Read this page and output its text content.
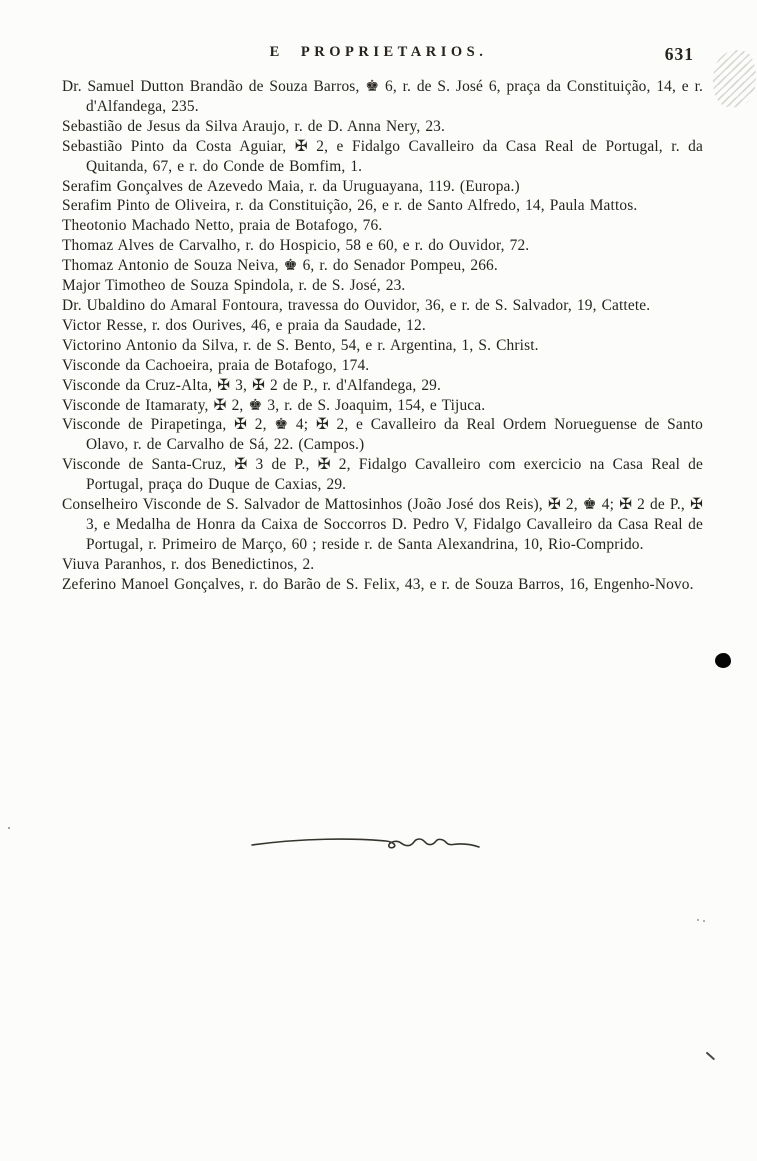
E PROPRIETARIOS.	631

Dr. Samuel Dutton Brandão de Souza Barros, ♚ 6, r. de S. José 6, praça da Constituição, 14, e r. d'Alfandega, 235.

Sebastião de Jesus da Silva Araujo, r. de D. Anna Nery, 23.

Sebastião Pinto da Costa Aguiar, ✠ 2, e Fidalgo Cavalleiro da Casa Real de Portugal, r. da Quitanda, 67, e r. do Conde de Bomfim, 1.

Serafim Gonçalves de Azevedo Maia, r. da Uruguayana, 119. (Europa.)

Serafim Pinto de Oliveira, r. da Constituição, 26, e r. de Santo Alfredo, 14, Paula Mattos.

Theotonio Machado Netto, praia de Botafogo, 76.

Thomaz Alves de Carvalho, r. do Hospicio, 58 e 60, e r. do Ouvidor, 72.

Thomaz Antonio de Souza Neiva, ♚ 6, r. do Senador Pompeu, 266.

Major Timotheo de Souza Spindola, r. de S. José, 23.

Dr. Ubaldino do Amaral Fontoura, travessa do Ouvidor, 36, e r. de S. Salvador, 19, Cattete.

Victor Resse, r. dos Ourives, 46, e praia da Saudade, 12.

Victorino Antonio da Silva, r. de S. Bento, 54, e r. Argentina, 1, S. Christ.

Visconde da Cachoeira, praia de Botafogo, 174.

Visconde da Cruz-Alta, ✠ 3, ✠ 2 de P., r. d'Alfandega, 29.

Visconde de Itamaraty, ✠ 2, ♚ 3, r. de S. Joaquim, 154, e Tijuca.

Visconde de Pirapetinga, ✠ 2, ♚ 4; ✠ 2, e Cavalleiro da Real Ordem Norueguense de Santo Olavo, r. de Carvalho de Sá, 22. (Campos.)

Visconde de Santa-Cruz, ✠ 3 de P., ✠ 2, Fidalgo Cavalleiro com exercicio na Casa Real de Portugal, praça do Duque de Caxias, 29.

Conselheiro Visconde de S. Salvador de Mattosinhos (João José dos Reis), ✠ 2, ♚ 4; ✠ 2 de P., ✠ 3, e Medalha de Honra da Caixa de Soccorros D. Pedro V, Fidalgo Cavalleiro da Casa Real de Portugal, r. Primeiro de Março, 60 ; reside r. de Santa Alexandrina, 10, Rio-Comprido.

Viuva Paranhos, r. dos Benedictinos, 2.

Zeferino Manoel Gonçalves, r. do Barão de S. Felix, 43, e r. de Souza Barros, 16, Engenho-Novo.
